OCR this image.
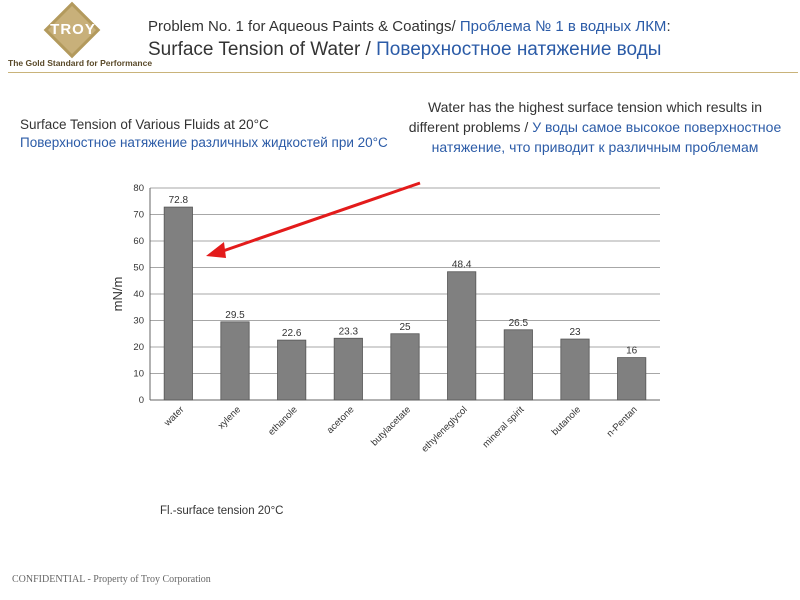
TROY
The Gold Standard for Performance
Problem No. 1 for Aqueous Paints & Coatings/ Проблема № 1 в водных ЛКМ:
Surface Tension of Water / Поверхностное натяжение воды
Surface Tension of Various Fluids at 20°C
Поверхностное натяжение различных жидкостей при 20°C
Water has the highest surface tension which results in different problems / У воды самое высокое поверхностное натяжение, что приводит к различным проблемам
0
10
20
30
40
50
60
70
80
mN/m
72.8
water
29.5
xylene
22.6
ethanole
23.3
acetone
25
butylacetate
48.4
ethyleneglycol
26.5
mineral spirit
23
butanole
16
n-Pentan
Fl.-surface tension 20°C
CONFIDENTIAL - Property of Troy Corporation
